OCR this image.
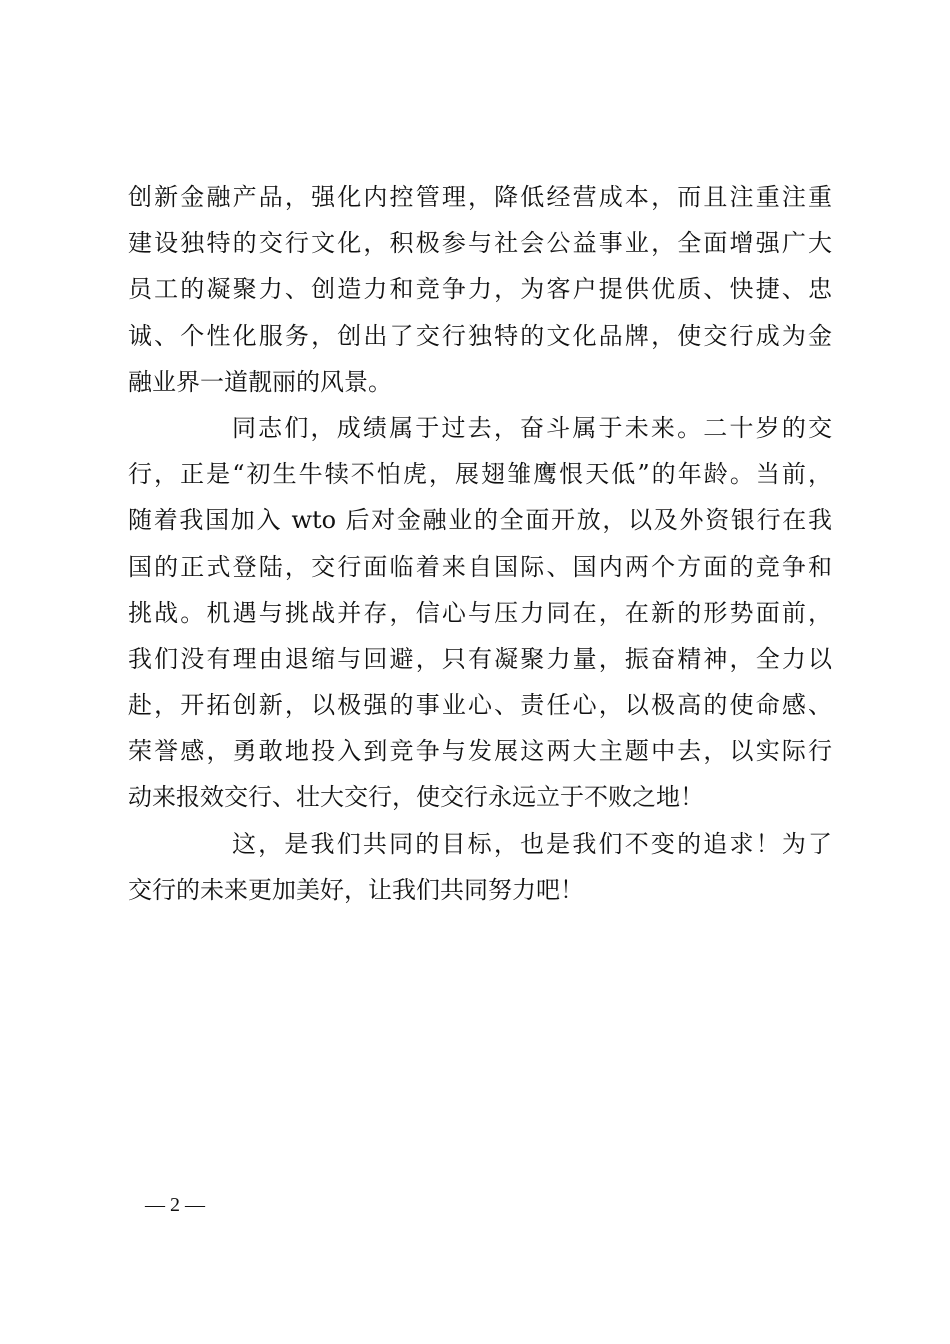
创新金融产品，强化内控管理，降低经营成本，而且注重注重
建设独特的交行文化，积极参与社会公益事业，全面增强广大
员工的凝聚力、创造力和竞争力，为客户提供优质、快捷、忠
诚、个性化服务，创出了交行独特的文化品牌，使交行成为金
融业界一道靓丽的风景。
同志们，成绩属于过去，奋斗属于未来。二十岁的交
行，正是“初生牛犊不怕虎，展翅雏鹰恨天低”的年龄。当前，
随着我国加入 wto 后对金融业的全面开放，以及外资银行在我
国的正式登陆，交行面临着来自国际、国内两个方面的竞争和
挑战。机遇与挑战并存，信心与压力同在，在新的形势面前，
我们没有理由退缩与回避，只有凝聚力量，振奋精神，全力以
赴，开拓创新，以极强的事业心、责任心，以极高的使命感、
荣誉感，勇敢地投入到竞争与发展这两大主题中去，以实际行
动来报效交行、壮大交行，使交行永远立于不败之地！
这，是我们共同的目标，也是我们不变的追求！为了
交行的未来更加美好，让我们共同努力吧！
— 2 —
